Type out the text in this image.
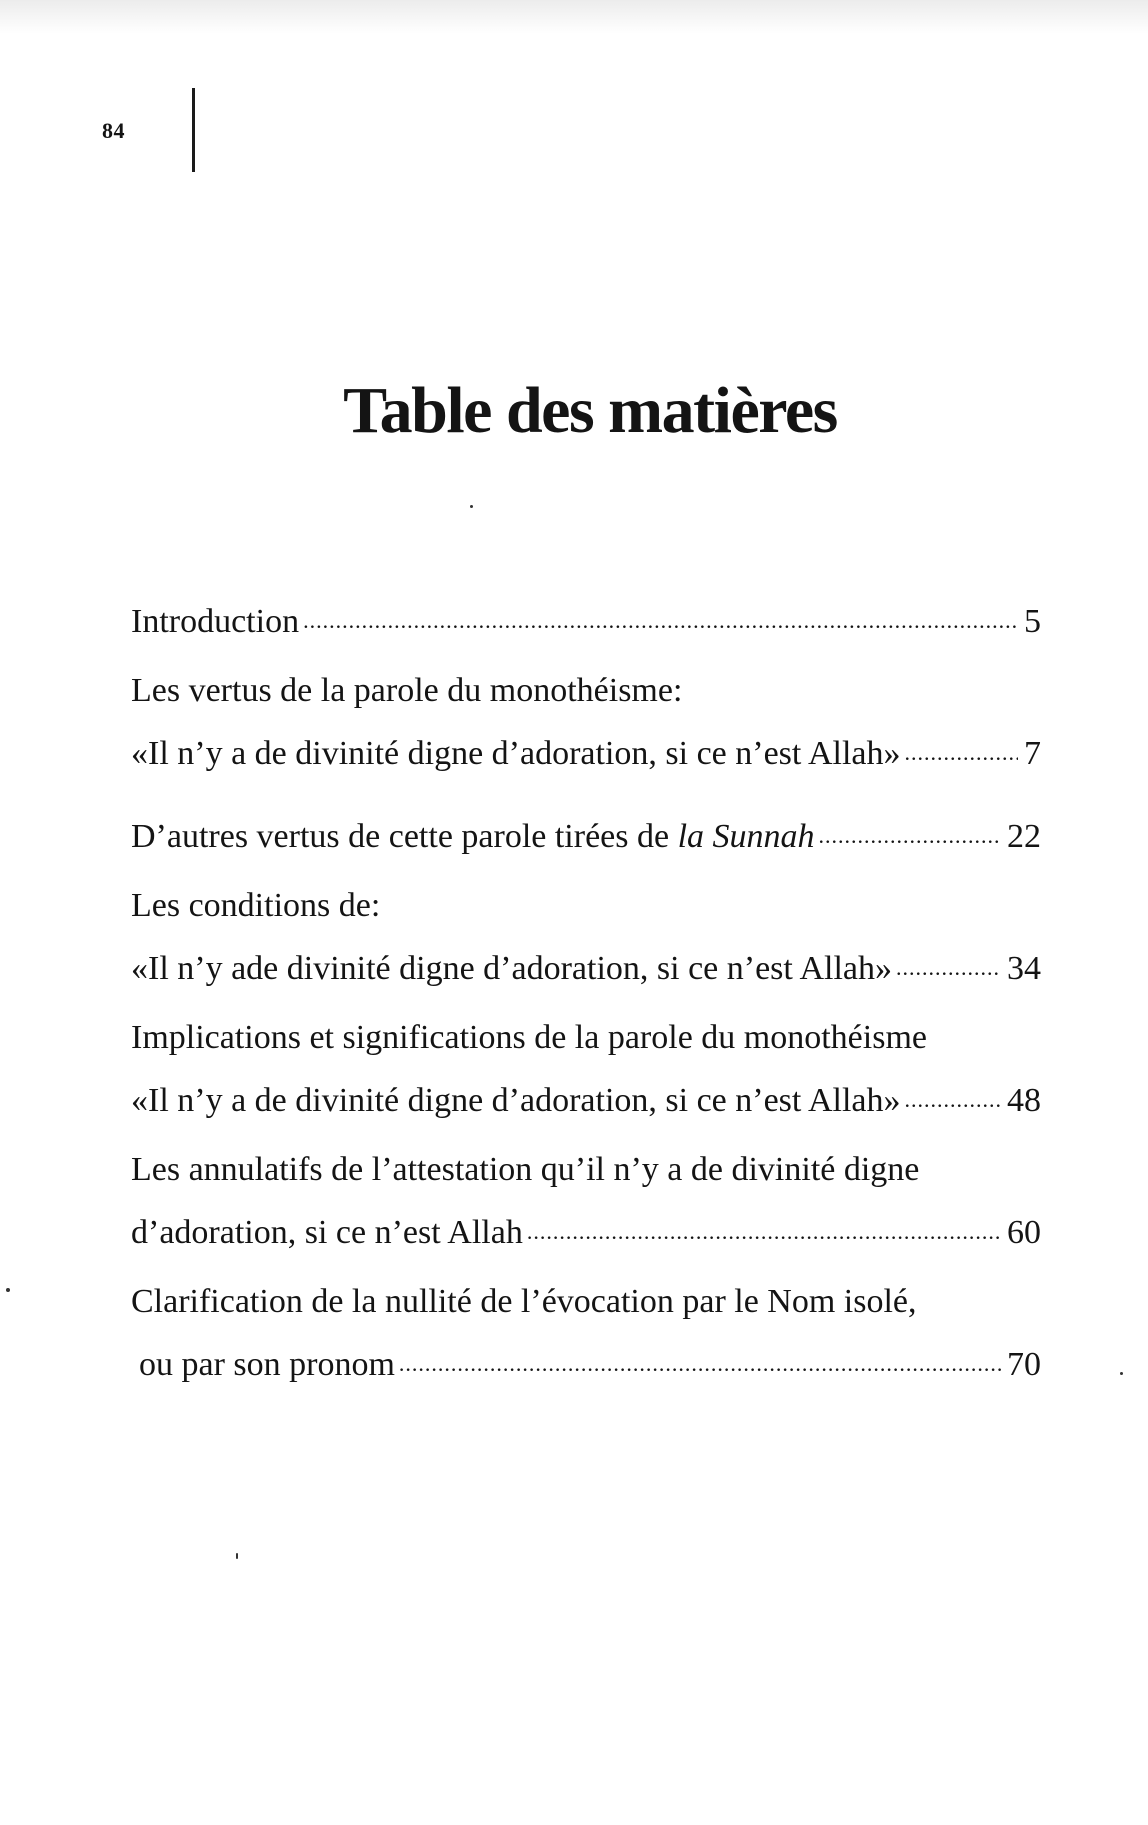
84
Table des matières
Introduction .....	5
Les vertus de la parole du monothéisme:
«Il n’y a de divinité digne d’adoration, si ce n’est Allah» .....	7
D’autres vertus de cette parole tirées de la Sunnah .....	22
Les conditions de:
«Il n’y ade divinité digne d’adoration, si ce n’est Allah» .....	34
Implications et significations de la parole du monothéisme
«Il n’y a de divinité digne d’adoration, si ce n’est Allah» .....	48
Les annulatifs de l’attestation qu’il n’y a de divinité digne
d’adoration, si ce n’est Allah .....	60
Clarification de la nullité de l’évocation par le Nom isolé,
ou par son pronom .....	70
